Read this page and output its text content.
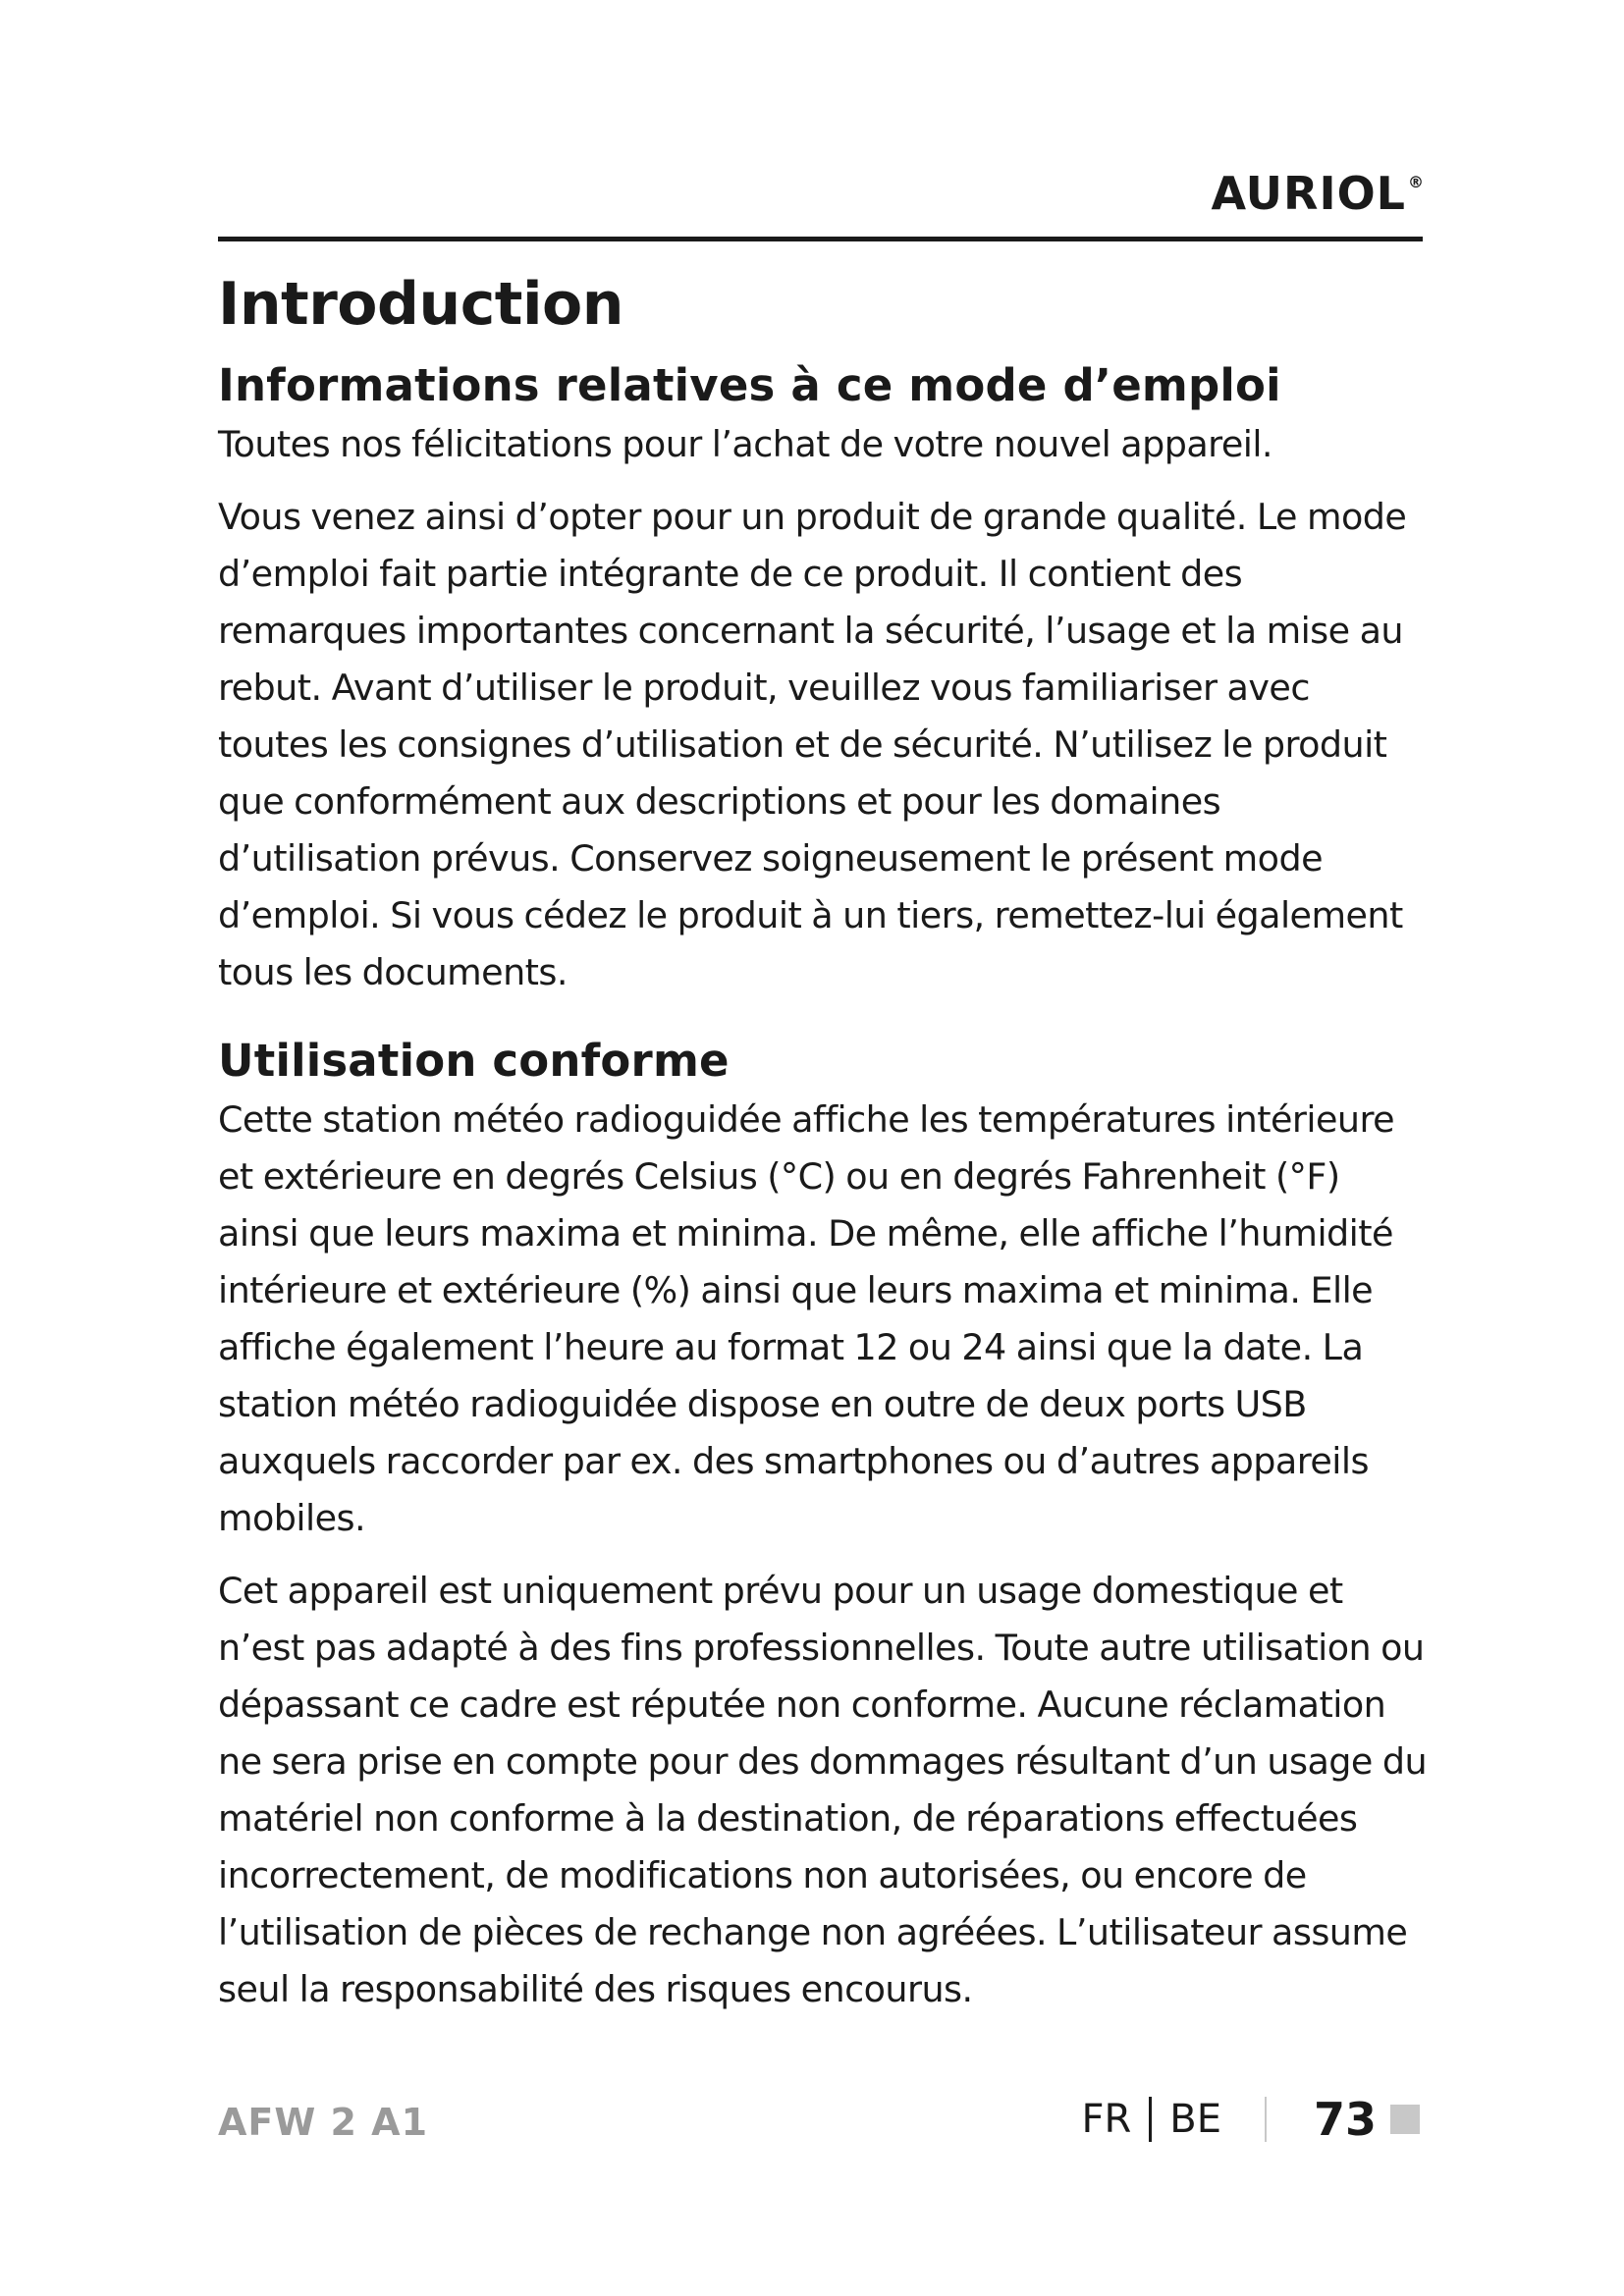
AURIOL ®
Introduction
Informations relatives à ce mode d’emploi

Toutes nos félicitations pour l’achat de votre nouvel appareil.

Vous venez ainsi d’opter pour un produit de grande qualité. Le mode d’emploi fait partie intégrante de ce produit. Il contient des remarques importantes concernant la sécurité, l’usage et la mise au rebut. Avant d’utiliser le produit, veuillez vous familiariser avec toutes les consignes d’utilisation et de sécurité. N’utilisez le produit que conformément aux descriptions et pour les domaines d’utilisation prévus. Conservez soigneusement le présent mode d’emploi. Si vous cédez le produit à un tiers, remettez-lui également tous les documents.

Utilisation conforme

Cette station météo radioguidée affiche les températures intérieure et extérieure en degrés Celsius (°C) ou en degrés Fahrenheit (°F) ainsi que leurs maxima et minima. De même, elle affiche l’humidité intérieure et extérieure (%) ainsi que leurs maxima et minima. Elle affiche également l’heure au format 12 ou 24 ainsi que la date. La station météo radioguidée dispose en outre de deux ports USB auxquels raccorder par ex. des smartphones ou d’autres appareils mobiles.

Cet appareil est uniquement prévu pour un usage domestique et n’est pas adapté à des fins professionnelles. Toute autre utilisation ou dépassant ce cadre est réputée non conforme. Aucune réclamation ne sera prise en compte pour des dommages résultant d’un usage du matériel non conforme à la destination, de réparations effectuées incorrectement, de modifications non autorisées, ou encore de l’utilisation de pièces de rechange non agréées. L’utilisateur assume seul la responsabilité des risques encourus.

AFW 2 A1	FR BE 73
